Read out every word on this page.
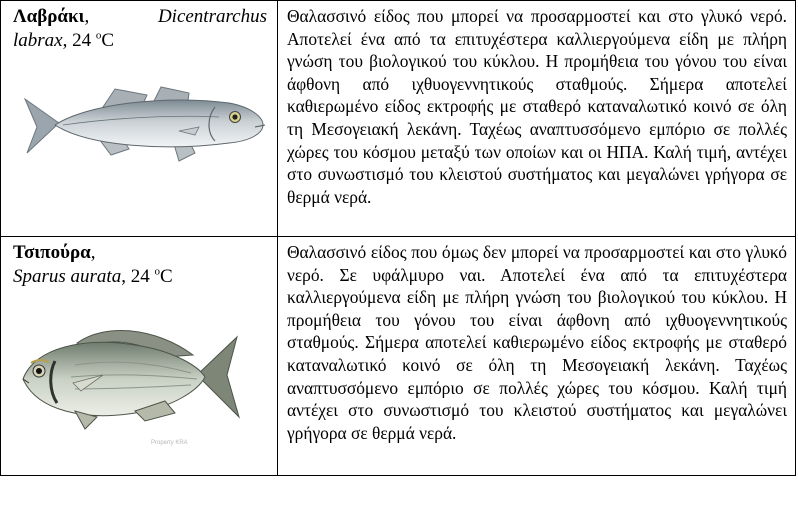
Λαβράκι,	Dicentrarchus

labrax, 24 $^o$C
Θαλασσινό είδος που μπορεί να προσαρμοστεί και στο γλυκό νερό. Αποτελεί ένα από τα επιτυχέστερα καλλιεργούμενα είδη με πλήρη γνώση του βιολογικού του κύκλου. Η προμήθεια του γόνου του είναι άφθονη από ιχθυογεννητικούς σταθμούς. Σήμερα αποτελεί καθιερωμένο είδος εκτροφής με σταθερό καταναλωτικό κοινό σε όλη τη Μεσογειακή λεκάνη. Ταχέως αναπτυσσόμενο εμπόριο σε πολλές χώρες του κόσμου μεταξύ των οποίων και οι ΗΠΑ. Καλή τιμή, αντέχει στο συνωστισμό του κλειστού συστήματος και μεγαλώνει γρήγορα σε θερμά νερά.
Τσιπούρα,
Sparus aurata, 24 $^o$C
Property KRA
Θαλασσινό είδος που όμως δεν μπορεί να προσαρμοστεί και στο γλυκό νερό. Σε υφάλμυρο ναι. Αποτελεί ένα από τα επιτυχέστερα καλλιεργούμενα είδη με πλήρη γνώση του βιολογικού του κύκλου. Η προμήθεια του γόνου του είναι άφθονη από ιχθυογεννητικούς σταθμούς. Σήμερα αποτελεί καθιερωμένο είδος εκτροφής με σταθερό καταναλωτικό κοινό σε όλη τη Μεσογειακή λεκάνη. Ταχέως αναπτυσσόμενο εμπόριο σε πολλές χώρες του κόσμου. Καλή τιμή αντέχει στο συνωστισμό του κλειστού συστήματος και μεγαλώνει γρήγορα σε θερμά νερά.
